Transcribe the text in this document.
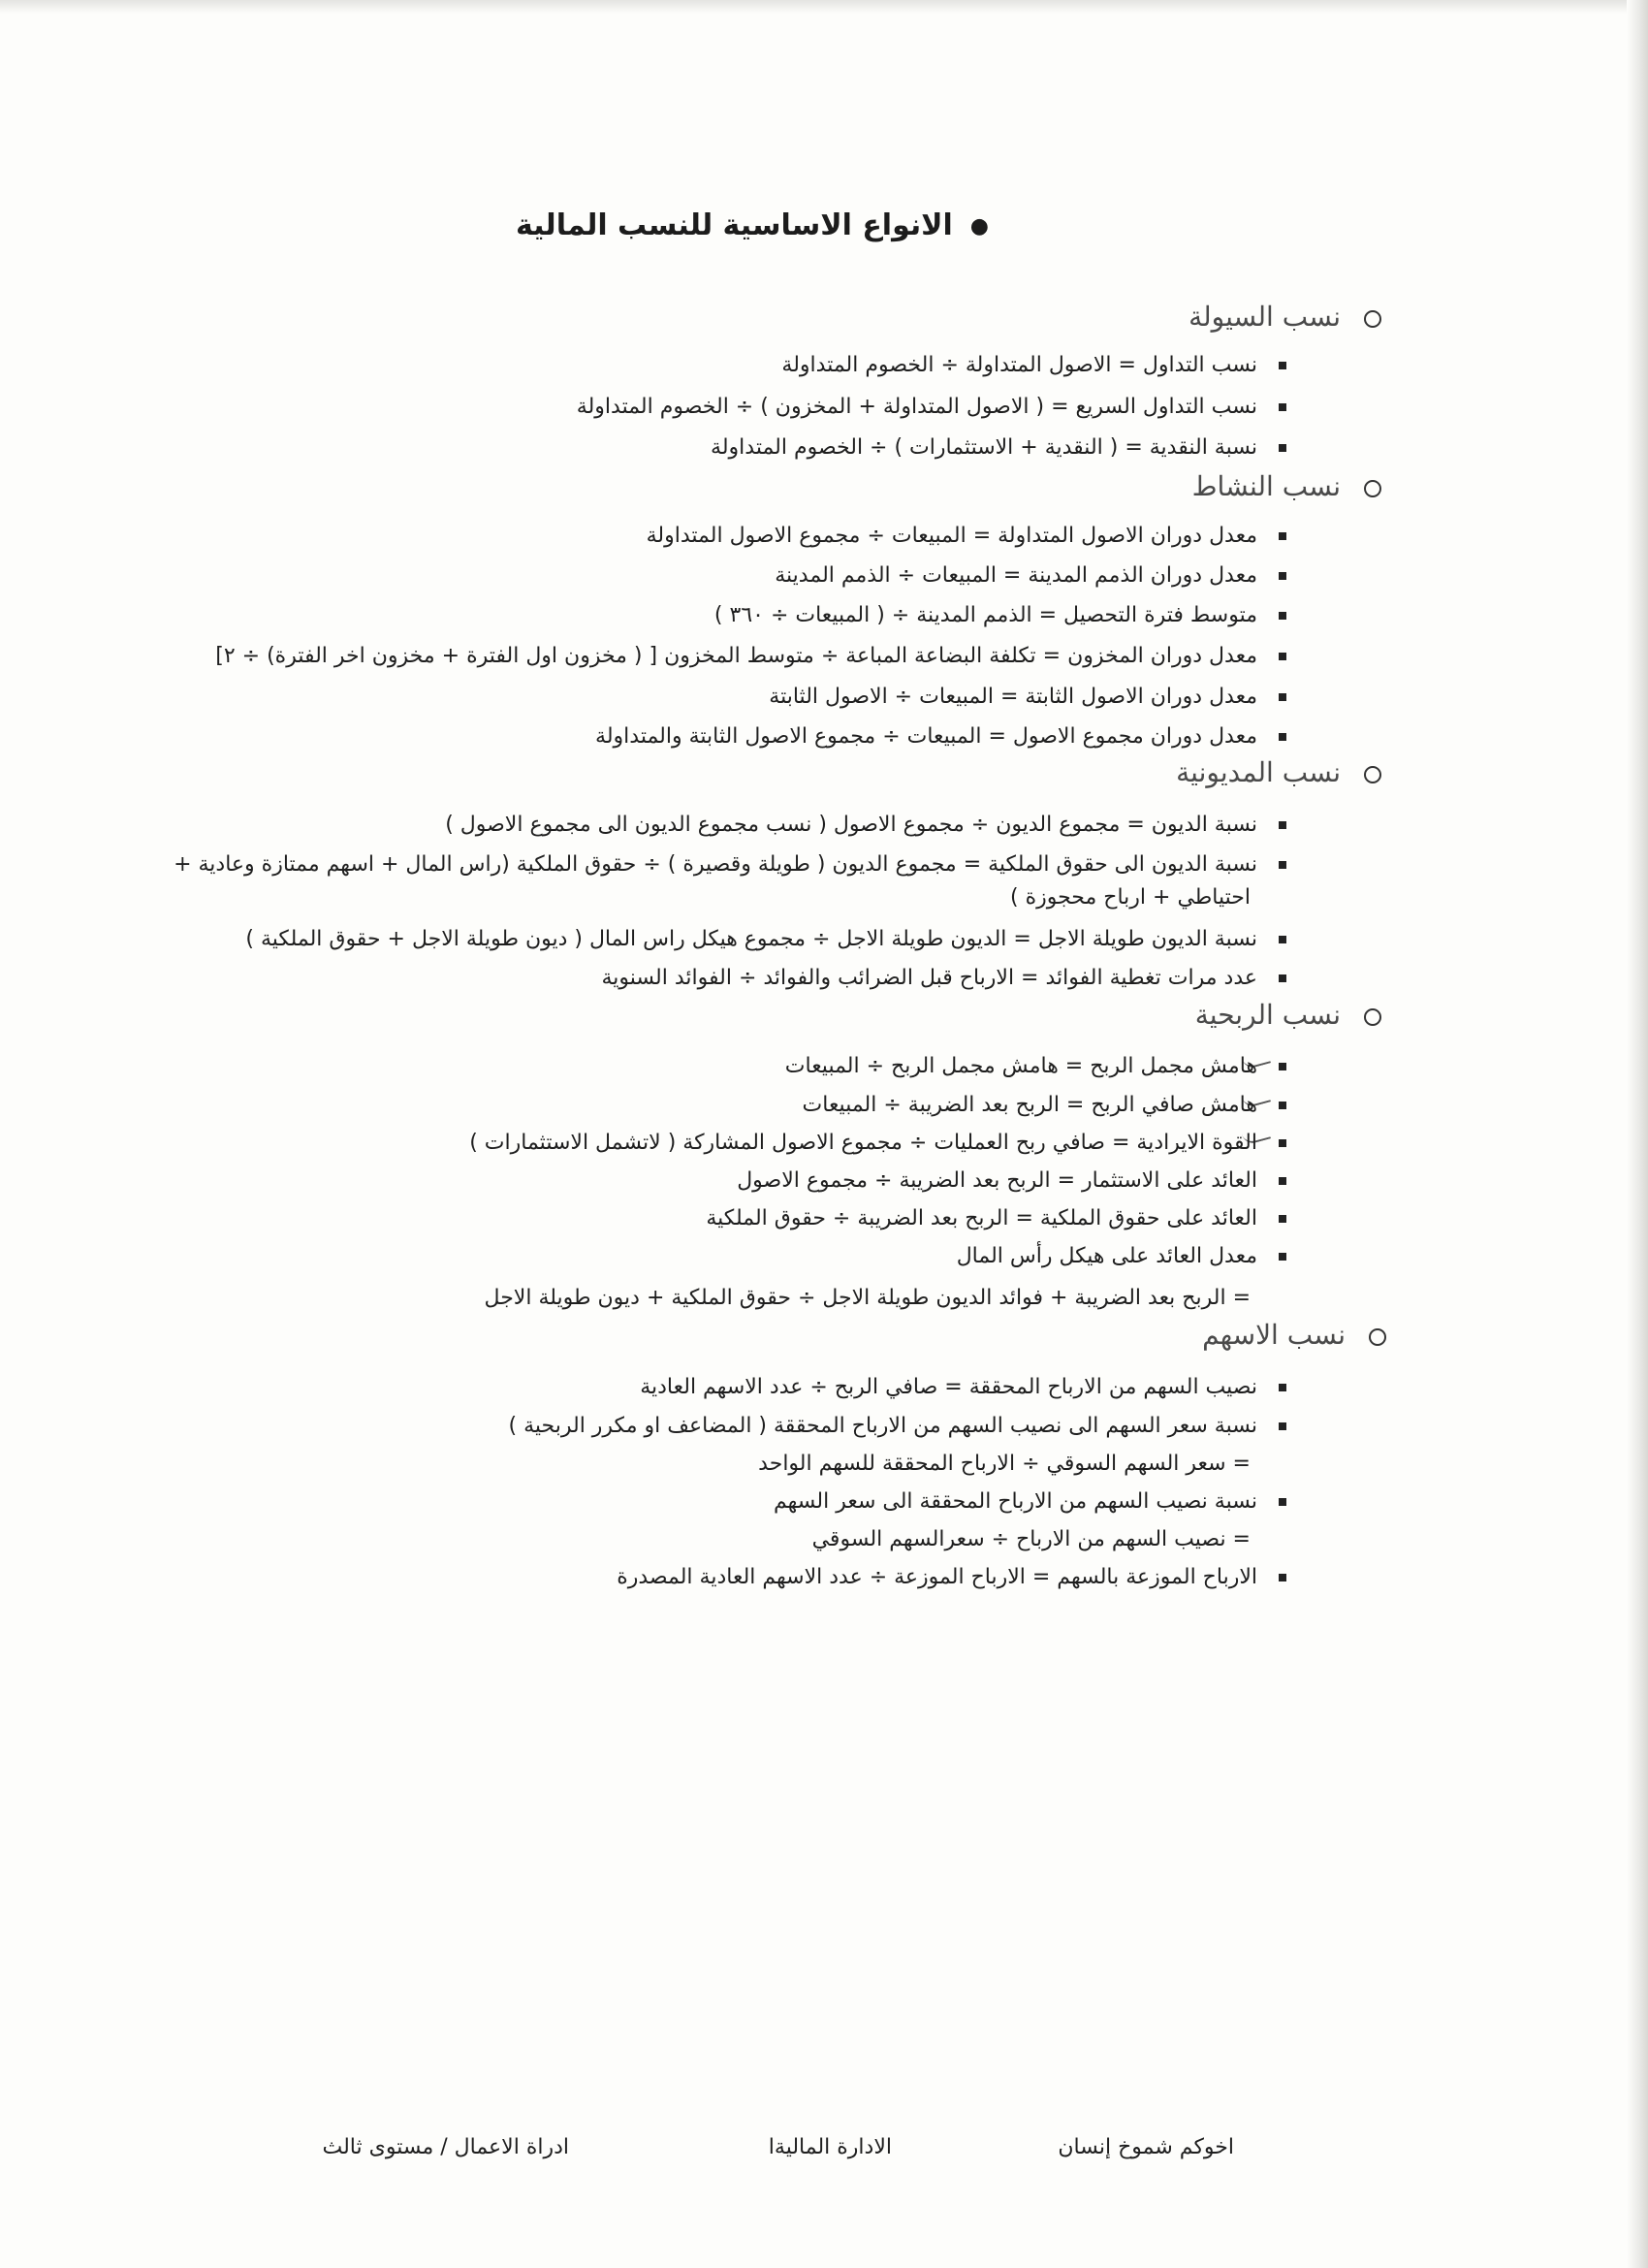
●الانواع الاساسية للنسب المالية
نسب السيولة
نسب التداول = الاصول المتداولة ÷ الخصوم المتداولة
نسب التداول السريع = ( الاصول المتداولة + المخزون ) ÷ الخصوم المتداولة
نسبة النقدية = ( النقدية + الاستثمارات ) ÷ الخصوم المتداولة
نسب النشاط
معدل دوران الاصول المتداولة = المبيعات ÷ مجموع الاصول المتداولة
معدل دوران الذمم المدينة = المبيعات ÷ الذمم المدينة
متوسط فترة التحصيل = الذمم المدينة ÷ ( المبيعات ÷ ٣٦٠ )
معدل دوران المخزون = تكلفة البضاعة المباعة ÷ متوسط المخزون [ ( مخزون اول الفترة + مخزون اخر الفترة) ÷ ٢]
معدل دوران الاصول الثابتة = المبيعات ÷ الاصول الثابتة
معدل دوران مجموع الاصول = المبيعات ÷ مجموع الاصول الثابتة والمتداولة
نسب المديونية
نسبة الديون = مجموع الديون ÷ مجموع الاصول ( نسب مجموع الديون الى مجموع الاصول )
نسبة الديون الى حقوق الملكية = مجموع الديون ( طويلة وقصيرة ) ÷ حقوق الملكية (راس المال + اسهم ممتازة وعادية +
احتياطي + ارباح محجوزة )
نسبة الديون طويلة الاجل = الديون طويلة الاجل ÷ مجموع هيكل راس المال ( ديون طويلة الاجل + حقوق الملكية )
عدد مرات تغطية الفوائد = الارباح قبل الضرائب والفوائد ÷ الفوائد السنوية
نسب الربحية
هامش مجمل الربح = هامش مجمل الربح ÷ المبيعات
هامش صافي الربح = الربح بعد الضريبة ÷ المبيعات
القوة الايرادية = صافي ربح العمليات ÷ مجموع الاصول المشاركة ( لاتشمل الاستثمارات )
العائد على الاستثمار = الربح بعد الضريبة ÷ مجموع الاصول
العائد على حقوق الملكية = الربح بعد الضريبة ÷ حقوق الملكية
معدل العائد على هيكل رأس المال
= الربح بعد الضريبة + فوائد الديون طويلة الاجل ÷ حقوق الملكية + ديون طويلة الاجل
نسب الاسهم
نصيب السهم من الارباح المحققة = صافي الربح ÷ عدد الاسهم العادية
نسبة سعر السهم الى نصيب السهم من الارباح المحققة ( المضاعف او مكرر الربحية )
= سعر السهم السوقي ÷ الارباح المحققة للسهم الواحد
نسبة نصيب السهم من الارباح المحققة الى سعر السهم
= نصيب السهم من الارباح ÷ سعرالسهم السوقي
الارباح الموزعة بالسهم = الارباح الموزعة ÷ عدد الاسهم العادية المصدرة
اخوكم شموخ إنسان
الادارة الماليةا
ادراة الاعمال / مستوى ثالث
